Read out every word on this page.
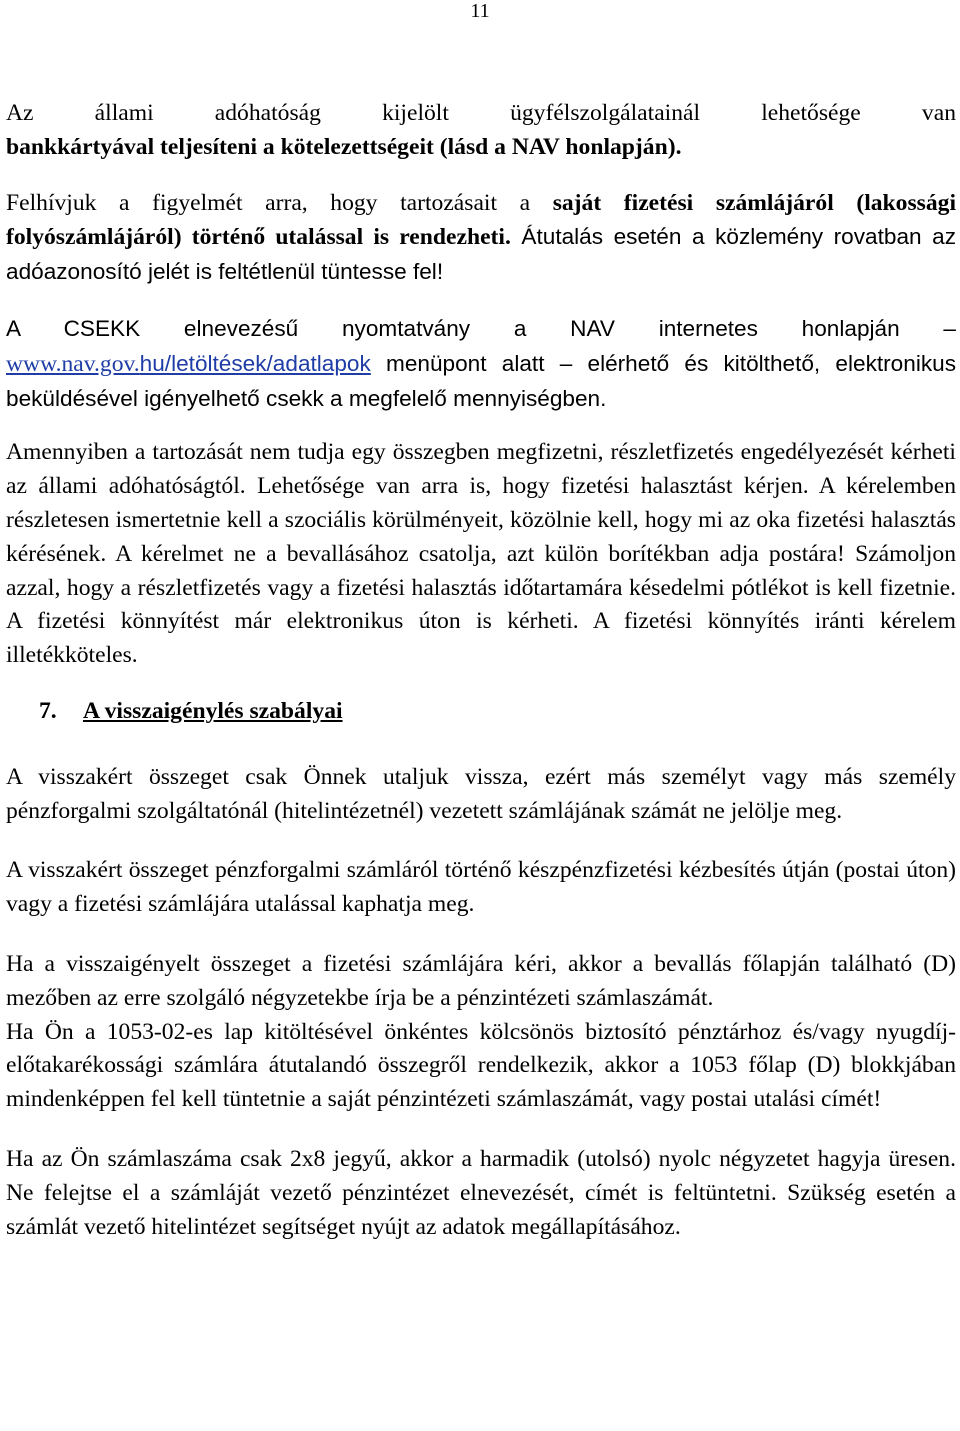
11

Az állami adóhatóság kijelölt ügyfélszolgálatainál lehetősége van
bankkártyával teljesíteni a kötelezettségeit (lásd a NAV honlapján).

Felhívjuk a figyelmét arra, hogy tartozásait a saját fizetési számlájáról (lakossági folyószámlájáról) történő utalással is rendezheti. Átutalás esetén a közlemény rovatban az adóazonosító jelét is feltétlenül tüntesse fel!

A CSEKK elnevezésű nyomtatvány a NAV internetes honlapján – www.nav.gov.hu/letöltések/adatlapok menüpont alatt – elérhető és kitölthető, elektronikus beküldésével igényelhető csekk a megfelelő mennyiségben.

Amennyiben a tartozását nem tudja egy összegben megfizetni, részletfizetés engedélyezését kérheti az állami adóhatóságtól. Lehetősége van arra is, hogy fizetési halasztást kérjen. A kérelemben részletesen ismertetnie kell a szociális körülményeit, közölnie kell, hogy mi az oka fizetési halasztás kérésének. A kérelmet ne a bevallásához csatolja, azt külön borítékban adja postára! Számoljon azzal, hogy a részletfizetés vagy a fizetési halasztás időtartamára késedelmi pótlékot is kell fizetnie. A fizetési könnyítést már elektronikus úton is kérheti. A fizetési könnyítés iránti kérelem illetékköteles.

7. A visszaigénylés szabályai

A visszakért összeget csak Önnek utaljuk vissza, ezért más személyt vagy más személy pénzforgalmi szolgáltatónál (hitelintézetnél) vezetett számlájának számát ne jelölje meg.

A visszakért összeget pénzforgalmi számláról történő készpénzfizetési kézbesítés útján (postai úton) vagy a fizetési számlájára utalással kaphatja meg.

Ha a visszaigényelt összeget a fizetési számlájára kéri, akkor a bevallás főlapján található (D) mezőben az erre szolgáló négyzetekbe írja be a pénzintézeti számlaszámát.

Ha Ön a 1053-02-es lap kitöltésével önkéntes kölcsönös biztosító pénztárhoz és/vagy nyugdíj-előtakarékossági számlára átutalandó összegről rendelkezik, akkor a 1053 főlap (D) blokkjában mindenképpen fel kell tüntetnie a saját pénzintézeti számlaszámát, vagy postai utalási címét!

Ha az Ön számlaszáma csak 2x8 jegyű, akkor a harmadik (utolsó) nyolc négyzetet hagyja üresen. Ne felejtse el a számláját vezető pénzintézet elnevezését, címét is feltüntetni. Szükség esetén a számlát vezető hitelintézet segítséget nyújt az adatok megállapításához.
